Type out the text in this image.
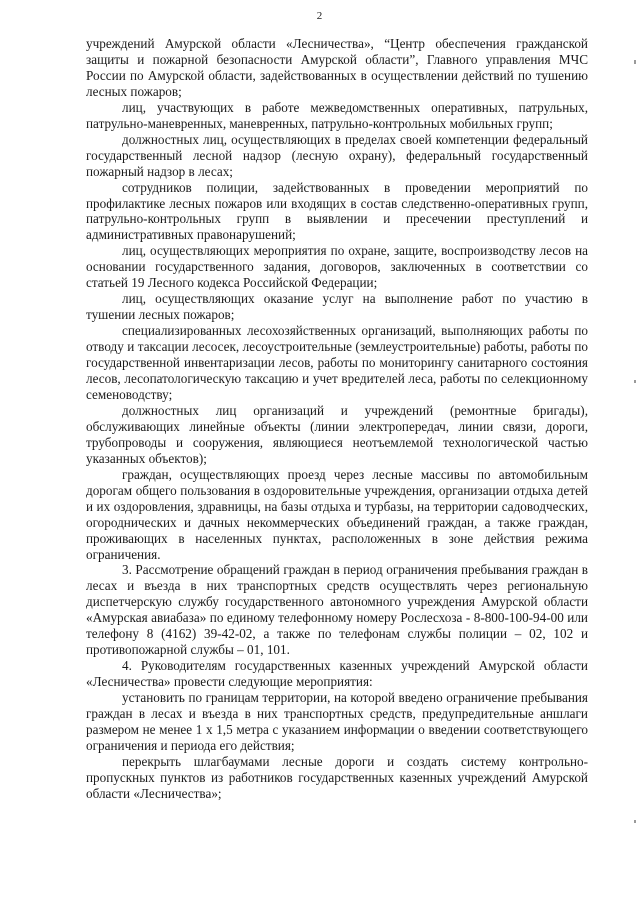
2

учреждений Амурской области «Лесничества», “Центр обеспечения гражданской защиты и пожарной безопасности Амурской области”, Главного управления МЧС России по Амурской области, задействованных в осуществлении действий по тушению лесных пожаров;

лиц, участвующих в работе межведомственных оперативных, патрульных, патрульно-маневренных, маневренных, патрульно-контрольных мобильных групп;

должностных лиц, осуществляющих в пределах своей компетенции федеральный государственный лесной надзор (лесную охрану), федеральный государственный пожарный надзор в лесах;

сотрудников полиции, задействованных в проведении мероприятий по профилактике лесных пожаров или входящих в состав следственно-оперативных групп, патрульно-контрольных групп в выявлении и пресечении преступлений и административных правонарушений;

лиц, осуществляющих мероприятия по охране, защите, воспроизводству лесов на основании государственного задания, договоров, заключенных в соответствии со статьей 19 Лесного кодекса Российской Федерации;

лиц, осуществляющих оказание услуг на выполнение работ по участию в тушении лесных пожаров;

специализированных лесохозяйственных организаций, выполняющих работы по отводу и таксации лесосек, лесоустроительные (землеустроительные) работы, работы по государственной инвентаризации лесов, работы по мониторингу санитарного состояния лесов, лесопатологическую таксацию и учет вредителей леса, работы по селекционному семеноводству;

должностных лиц организаций и учреждений (ремонтные бригады), обслуживающих линейные объекты (линии электропередач, линии связи, дороги, трубопроводы и сооружения, являющиеся неотъемлемой технологической частью указанных объектов);

граждан, осуществляющих проезд через лесные массивы по автомобильным дорогам общего пользования в оздоровительные учреждения, организации отдыха детей и их оздоровления, здравницы, на базы отдыха и турбазы, на территории садоводческих, огороднических и дачных некоммерческих объединений граждан, а также граждан, проживающих в населенных пунктах, расположенных в зоне действия режима ограничения.

3. Рассмотрение обращений граждан в период ограничения пребывания граждан в лесах и въезда в них транспортных средств осуществлять через региональную диспетчерскую службу государственного автономного учреждения Амурской области «Амурская авиабаза» по единому телефонному номеру Рослесхоза - 8-800-100-94-00 или телефону 8 (4162) 39-42-02, а также по телефонам службы полиции – 02, 102 и противопожарной службы – 01, 101.

4. Руководителям государственных казенных учреждений Амурской области «Лесничества» провести следующие мероприятия:

установить по границам территории, на которой введено ограничение пребывания граждан в лесах и въезда в них транспортных средств, предупредительные аншлаги размером не менее 1 х 1,5 метра с указанием информации о введении соответствующего ограничения и периода его действия;

перекрыть шлагбаумами лесные дороги и создать систему контрольно-пропускных пунктов из работников государственных казенных учреждений Амурской области «Лесничества»;
